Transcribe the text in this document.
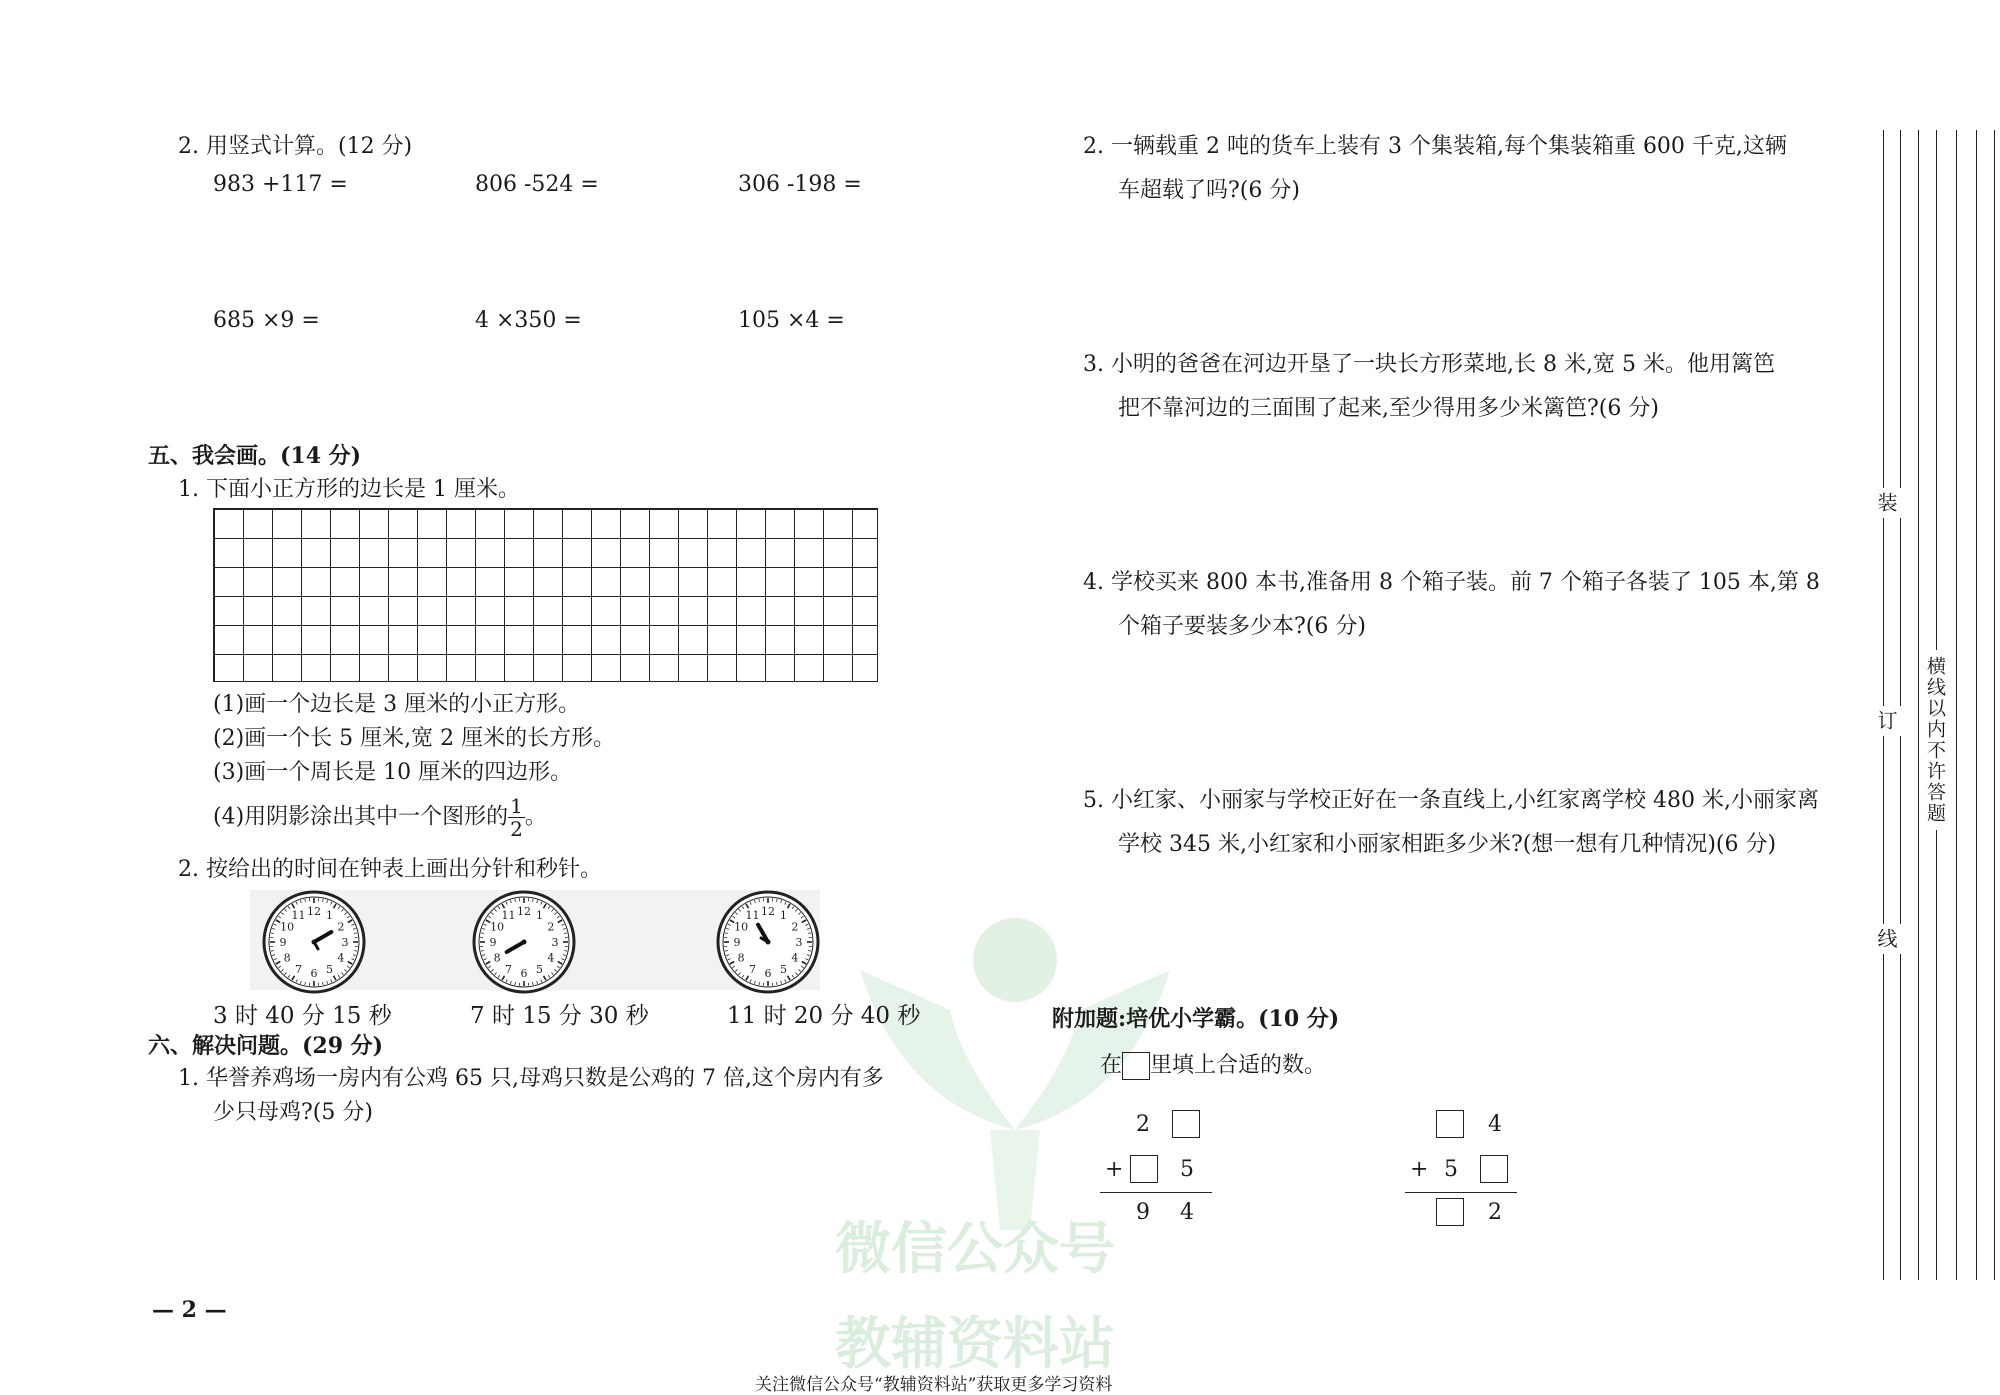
微信公众号
教辅资料站
2. 用竖式计算。(12 分)
983 +117 =	806 -524 =	306 -198 =
685 ×9 =	4 ×350 =	105 ×4 =
五、我会画。(14 分)
1. 下面小正方形的边长是 1 厘米。
(1)画一个边长是 3 厘米的小正方形。
(2)画一个长 5 厘米,宽 2 厘米的长方形。
(3)画一个周长是 10 厘米的四边形。
(4)用阴影涂出其中一个图形的 $\frac{1}{2}$ 。
2. 按给出的时间在钟表上画出分针和秒针。
1
2
3
4
5
6
7
8
9
10
11 12	1
2
3
4
5
6
7
8
9
10
11 12	1
2
3
4
5
6
7
8
9
10
11 12
3 时 40 分 15 秒	7 时 15 分 30 秒	11 时 20 分 40 秒
六、解决问题。(29 分)
1. 华誉养鸡场一房内有公鸡 65 只,母鸡只数是公鸡的 7 倍,这个房内有多
少只母鸡?(5 分)
— 2 —
2. 一辆载重 2 吨的货车上装有 3 个集装箱,每个集装箱重 600 千克,这辆
车超载了吗?(6 分)
3. 小明的爸爸在河边开垦了一块长方形菜地,长 8 米,宽 5 米。他用篱笆
把不靠河边的三面围了起来,至少得用多少米篱笆?(6 分)
4. 学校买来 800 本书,准备用 8 个箱子装。前 7 个箱子各装了 105 本,第 8
个箱子要装多少本?(6 分)
5. 小红家、小丽家与学校正好在一条直线上,小红家离学校 480 米,小丽家离
学校 345 米,小红家和小丽家相距多少米?(想一想有几种情况)(6 分)
附加题:培优小学霸。(10 分)
在 里填上合适的数。
2
+	5
9 4
4
+ 5
2
装
订
线
横线以内不许答题
关注微信公众号“教辅资料站”获取更多学习资料
